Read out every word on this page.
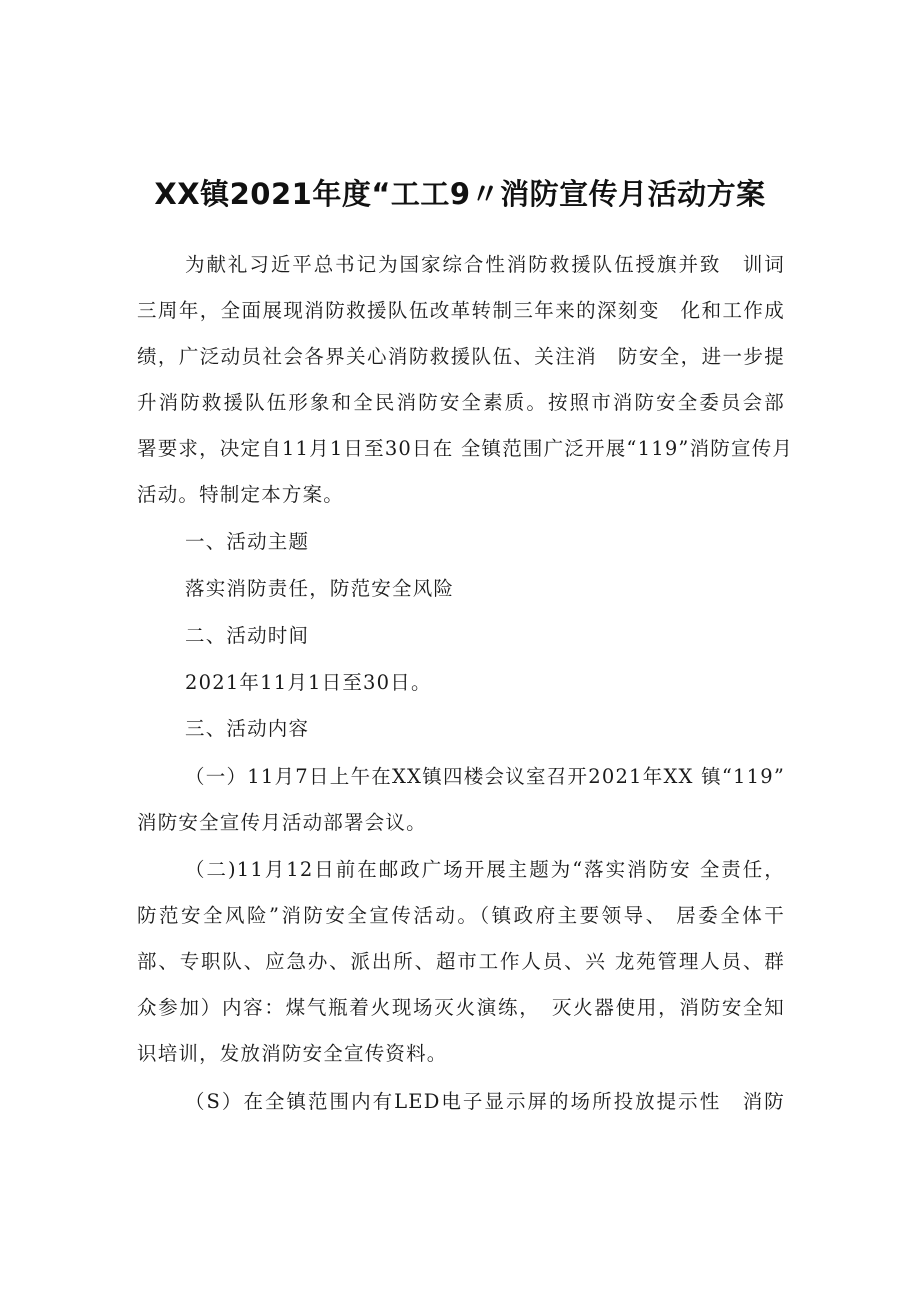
XX镇2021年度“工工9〃消防宣传月活动方案
为献礼习近平总书记为国家综合性消防救援队伍授旗并致　训词
三周年，全面展现消防救援队伍改革转制三年来的深刻变　化和工作成
绩，广泛动员社会各界关心消防救援队伍、关注消　防安全，进一步提
升消防救援队伍形象和全民消防安全素质。按照市消防安全委员会部
署要求，决定自11月1日至30日在 全镇范围广泛开展“119”消防宣传月
活动。特制定本方案。
一、活动主题
落实消防责任，防范安全风险
二、活动时间
2021年11月1日至30日。
三、活动内容
（一）11月7日上午在XX镇四楼会议室召开2021年XX 镇“119”
消防安全宣传月活动部署会议。
（二)11月12日前在邮政广场开展主题为“落实消防安 全责任，
防范安全风险”消防安全宣传活动。（镇政府主要领导、 居委全体干
部、专职队、应急办、派出所、超市工作人员、兴 龙苑管理人员、群
众参加）内容：煤气瓶着火现场灭火演练，　灭火器使用，消防安全知
识培训，发放消防安全宣传资料。
（S）在全镇范围内有LED电子显示屏的场所投放提示性　消防
